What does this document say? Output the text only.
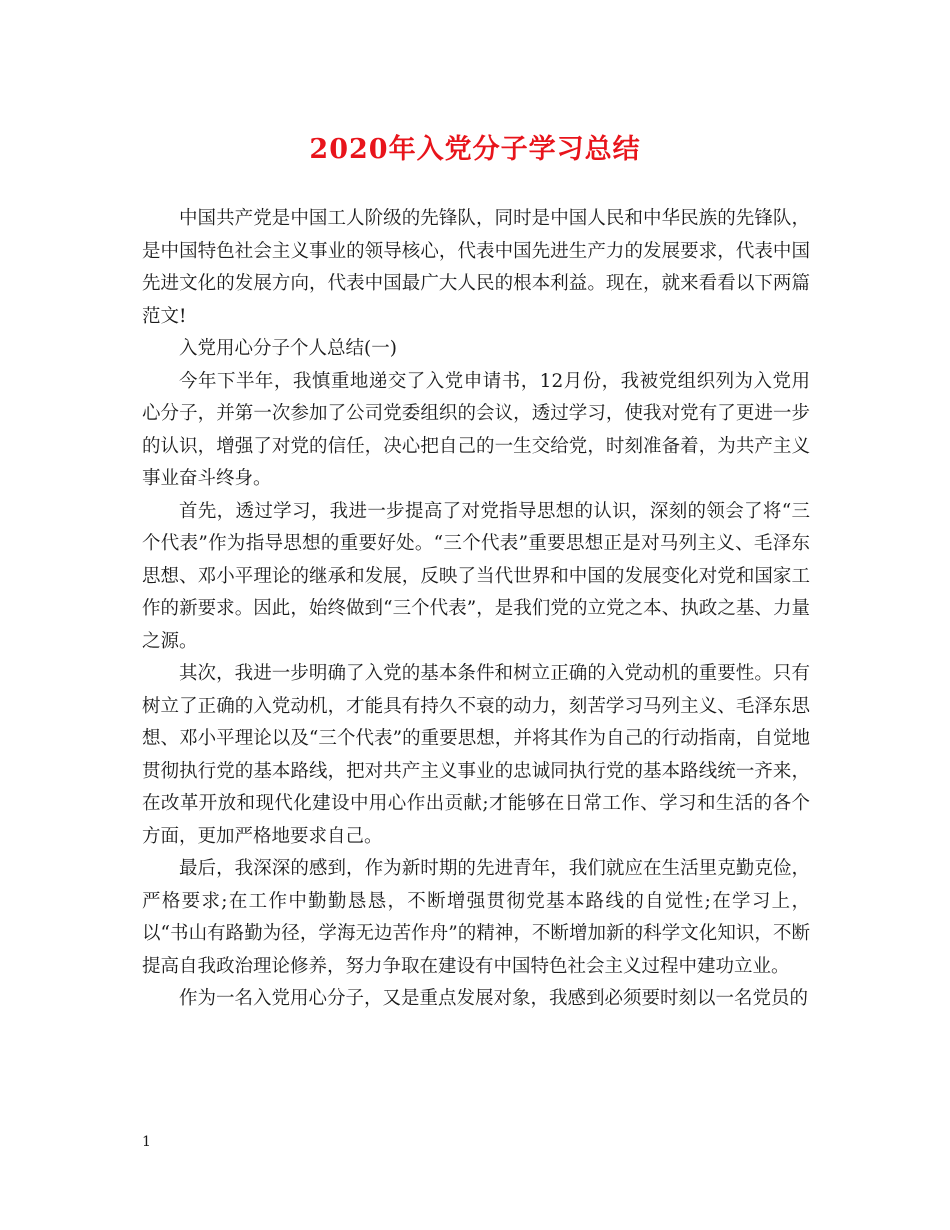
2020年入党分子学习总结

中国共产党是中国工人阶级的先锋队，同时是中国人民和中华民族的先锋队，是中国特色社会主义事业的领导核心，代表中国先进生产力的发展要求，代表中国先进文化的发展方向，代表中国最广大人民的根本利益。现在，就来看看以下两篇范文!

入党用心分子个人总结(一)

今年下半年，我慎重地递交了入党申请书，12月份，我被党组织列为入党用心分子，并第一次参加了公司党委组织的会议，透过学习，使我对党有了更进一步的认识，增强了对党的信任，决心把自己的一生交给党，时刻准备着，为共产主义事业奋斗终身。

首先，透过学习，我进一步提高了对党指导思想的认识，深刻的领会了将“三个代表”作为指导思想的重要好处。“三个代表”重要思想正是对马列主义、毛泽东思想、邓小平理论的继承和发展，反映了当代世界和中国的发展变化对党和国家工作的新要求。因此，始终做到“三个代表”，是我们党的立党之本、执政之基、力量之源。

其次，我进一步明确了入党的基本条件和树立正确的入党动机的重要性。只有树立了正确的入党动机，才能具有持久不衰的动力，刻苦学习马列主义、毛泽东思想、邓小平理论以及“三个代表”的重要思想，并将其作为自己的行动指南，自觉地贯彻执行党的基本路线，把对共产主义事业的忠诚同执行党的基本路线统一齐来，在改革开放和现代化建设中用心作出贡献;才能够在日常工作、学习和生活的各个方面，更加严格地要求自己。

最后，我深深的感到，作为新时期的先进青年，我们就应在生活里克勤克俭，严格要求;在工作中勤勤恳恳，不断增强贯彻党基本路线的自觉性;在学习上，以“书山有路勤为径，学海无边苦作舟”的精神，不断增加新的科学文化知识，不断提高自我政治理论修养，努力争取在建设有中国特色社会主义过程中建功立业。

作为一名入党用心分子，又是重点发展对象，我感到必须要时刻以一名党员的

1
